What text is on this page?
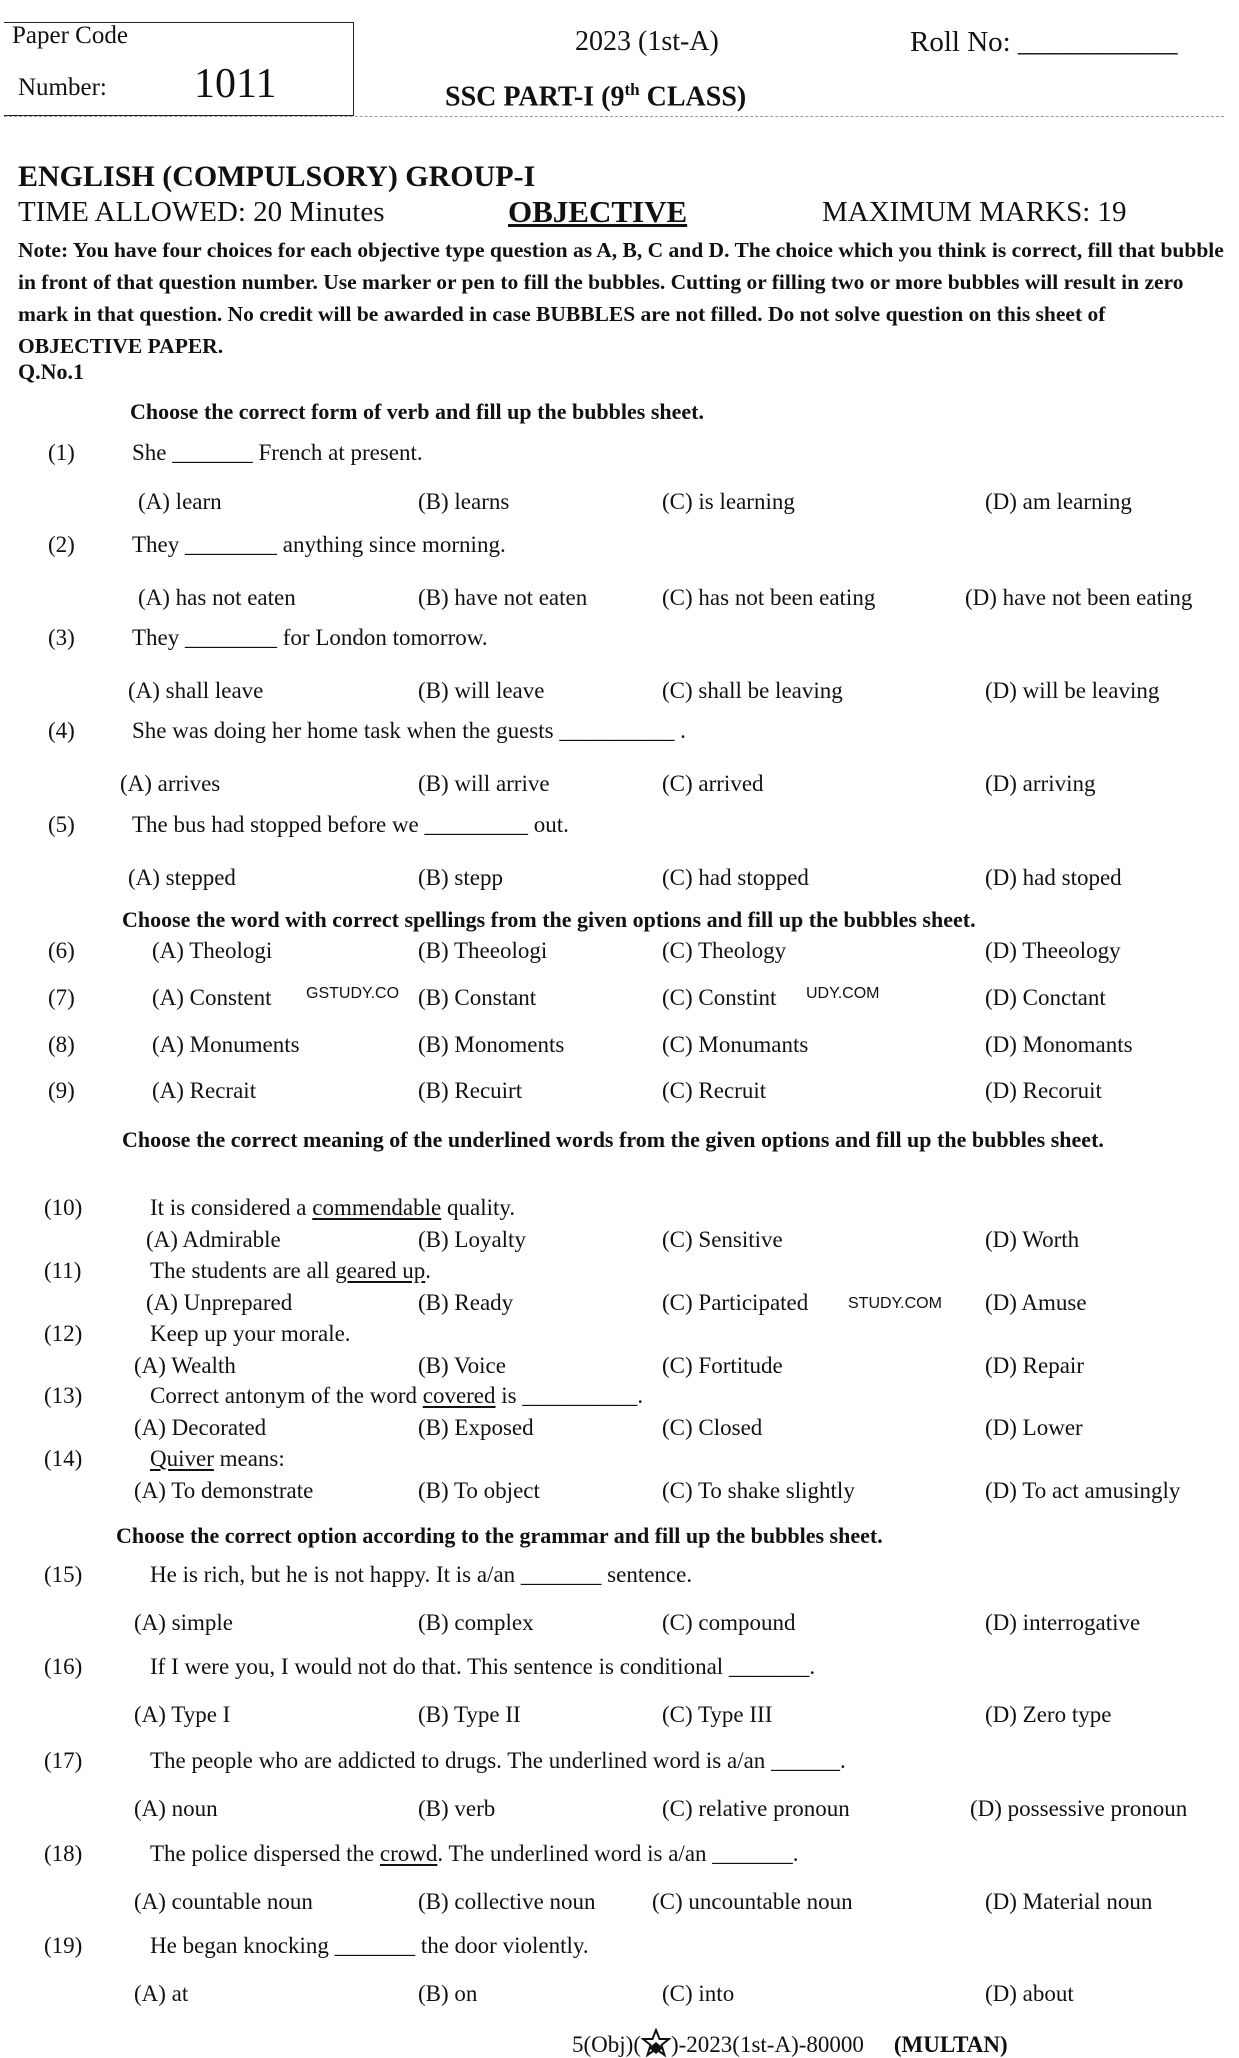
Paper Code
Number: 1011
2023 (1st-A)	Roll No: ___________
SSC PART-I (9th CLASS)
ENGLISH (COMPULSORY) GROUP-I
TIME ALLOWED: 20 Minutes	OBJECTIVE	MAXIMUM MARKS: 19
Note: You have four choices for each objective type question as A, B, C and D. The choice which you think is correct, fill that bubble in front of that question number. Use marker or pen to fill the bubbles. Cutting or filling two or more bubbles will result in zero mark in that question. No credit will be awarded in case BUBBLES are not filled. Do not solve question on this sheet of OBJECTIVE PAPER.
Q.No.1
Choose the correct form of verb and fill up the bubbles sheet.
Choose the word with correct spellings from the given options and fill up the bubbles sheet.
Choose the correct meaning of the underlined words from the given options and fill up the bubbles sheet.
Choose the correct option according to the grammar and fill up the bubbles sheet.
(1) She _______ French at present.
(A) learn	(B) learns	(C) is learning	(D) am learning
(2) They ________ anything since morning.
(A) has not eaten	(B) have not eaten	(C) has not been eating	(D) have not been eating
(3) They ________ for London tomorrow.
(A) shall leave	(B) will leave	(C) shall be leaving	(D) will be leaving
(4) She was doing her home task when the guests __________ .
(A) arrives	(B) will arrive	(C) arrived	(D) arriving
(5) The bus had stopped before we _________ out.
(A) stepped	(B) stepp	(C) had stopped	(D) had stoped
(6)	(A) Theologi	(B) Theeologi	(C) Theology	(D) Theeology
(7)	(A) Constent	(B) Constant	(C) Constint	(D) Conctant
(8)	(A) Monuments	(B) Monoments	(C) Monumants	(D) Monomants
(9)	(A) Recrait	(B) Recuirt	(C) Recruit	(D) Recoruit
(10)	It is considered a commendable quality.
(A) Admirable	(B) Loyalty	(C) Sensitive	(D) Worth
(11)	The students are all geared up.
(A) Unprepared	(B) Ready	(C) Participated	(D) Amuse
(12)	Keep up your morale.
(A) Wealth	(B) Voice	(C) Fortitude	(D) Repair
(13)	Correct antonym of the word covered is __________.
(A) Decorated	(B) Exposed	(C) Closed	(D) Lower
(14)	Quiver means:
(A) To demonstrate	(B) To object	(C) To shake slightly	(D) To act amusingly
(15)	He is rich, but he is not happy. It is a/an _______ sentence.
(A) simple	(B) complex	(C) compound	(D) interrogative
(16)	If I were you, I would not do that. This sentence is conditional _______.
(A) Type I	(B) Type II	(C) Type III	(D) Zero type
(17)	The people who are addicted to drugs. The underlined word is a/an ______.
(A) noun	(B) verb	(C) relative pronoun	(D) possessive pronoun
(18)	The police dispersed the crowd. The underlined word is a/an _______.
(A) countable noun	(B) collective noun (C) uncountable noun	(D) Material noun
(19)	He began knocking _______ the door violently.
(A) at	(B) on	(C) into	(D) about
GSTUDY.CO	UDY.COM
STUDY.COM
5(Obj)( )-2023(1st-A)-80000 (MULTAN)
